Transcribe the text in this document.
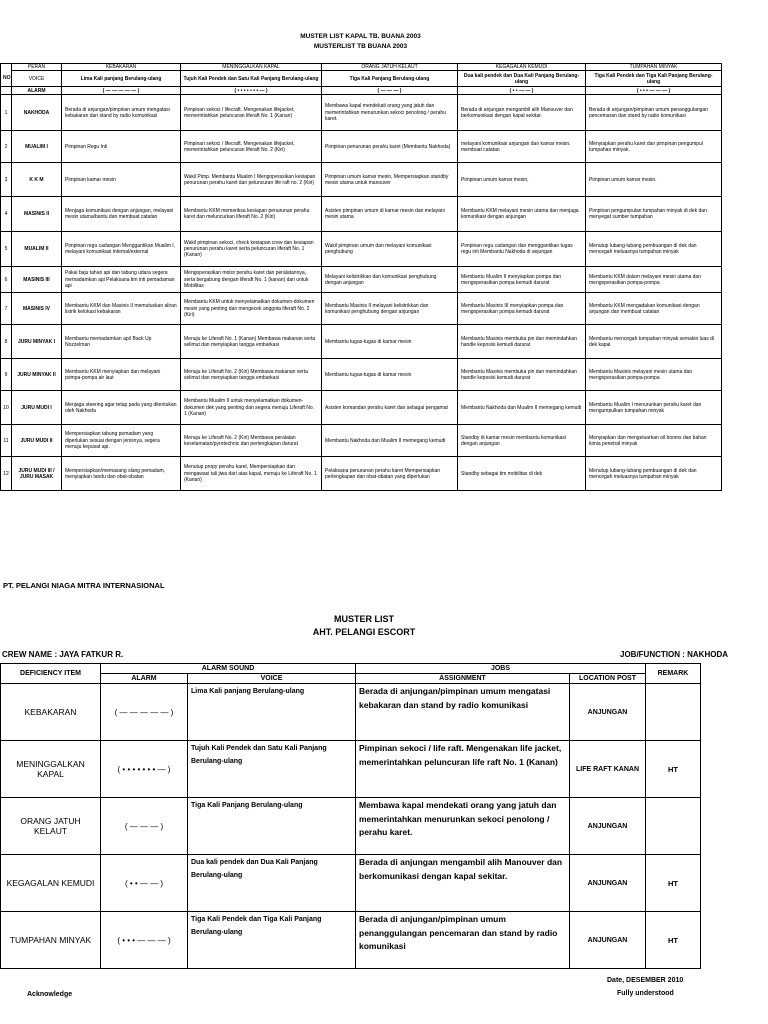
MUSTER LIST KAPAL TB. BUANA 2003
MUSTERLIST TB BUANA 2003
	PERAN	KEBAKARAN	MENINGGALKAN KAPAL	ORANG JATUH KELAUT	KEGAGALAN KEMUDI	TUMPAHAN MINYAK
NO	VOICE	Lima Kali panjang Berulang-ulang	Tujuh Kali Pendek dan Satu Kali Panjang Berulang-ulang	Tiga Kali Panjang Berulang-ulang	Dua kali pendek dan Dua Kali Panjang Berulang-ulang	Tiga Kali Pendek dan Tiga Kali Panjang Berulang-ulang
	ALARM	( — — — — — )	( • • • • • • • — )	( — — — )	( • • — — )	( • • • — — — )
1	NAKHODA	Berada di anjungan/pimpinan umum mengatasi kebakaran dan stand by radio komunikasi	Pimpinan sekoci / lifecraft. Mengenakan lifejacket, memerintahkan peluncuran liferaft No. 1 (Kanan)	Membawa kapal mendekati orang yang jatuh dan memerintahkan menurunkan sekoci penolong / perahu karet.	Berada di anjungan mengambil alih Manouver dan berkomunikasi dengan kapal sekitar.	Berada di anjungan/pimpinan umum penanggulangan pencemaran dan stand by radio komunikasi
2	MUALIM I	Pimpinan Regu Inti	Pimpinan sekoci / lifecraft. Mengenakan lifejacket, memerintahkan peluncuran liferaft No. 2 (Kiri)	Pimpinan penurunan perahu karet (Membantu Nakhoda)	melayani komunikasi anjungan dan kamar mesin. membuat catatan	Menyiapkan perahu karet dan pimpinan pengumpul tumpahan minyak.
3	K K M	Pimpinan kamar mesin	Wakil Pimp. Membantu Mualim I Mengoperasikan kesiapan penurunan perahu karet dan peluncuran life raft no. 2 (Kiri)	Pimpinan umum kamar mesin, Mempersiapkan standby mesin utama untuk manouver	Pimpinan umum kamar mesin,	Pimpinan umum kamar mesin.
4	MASINIS II	Menjaga komunikasi dengan anjungan, melayani mesin utama/bantu dan membuat catatan	Membantu KKM memeriksa kesiapan penurunan perahu karet dan meluncurkan liferaft No. 2 (Kiri)	Asisten pimpinan umum di kamar mesin dan melayani mesin utama	Membantu KKM melayani mesin utama dan menjaga komunikasi dengan anjungan	Pimpinan pengumpulan tumpahan minyak di dek dan menyegat sumber tumpahan
5	MUALIM II	Pimpinan regu cadangan Menggantikan Mualim I, melayani komunikasi internal/external	Wakil pimpinan sekoci, check kesiapan crew dan kesiapan penurunan perahu karet serta peluncuran liferaft No. 1 (Kanan)	Wakil pimpinan umum dan melayani komunikasi penghubung	Pimpinan regu cadangan dan menggantikan tugas regu inti Membantu Nakhoda di anjungan	Menutup lubang-lubang pembuangan di dek dan mencegah meluasnya tumpahan minyak
6	MASINIS III	Pakai baju tahan api dan tabung udara segera memadamkan api Pelaksana tim inti pemadaman api	Mengoperasikan motor perahu karet dan peralatannya, serta bergabung dengan liferaft No. 1 (kanan) dan untuk Mobilitas	Melayani kelistrikkan dan komunikasi penghubung dengan anjungan	Membantu Mualim II menyiapkan pompa dan mengoperasikan pompa kemudi darurat	Membantu KKM dalam melayani mesin utama dan mengoperasikan pompa-pompa
7	MASINIS IV	Membantu KKM dan Masinis II memutuskan aliran listrik kelokasi kebakaran	Membantu KKM untuk menyelamatkan dokumen-dokumen mesin yang penting dan mengecek anggota liferaft No. 2 (Kiri)	Membantu Masinis II melayani kelistrikkan dan komunikasi penghubung dengan anjungan	Membantu Masinis III menyiapkan pompa dan mengoperasikan pompa kemudi darurat	Membantu KKM mengadakan komunikasi dengan anjungan dan membuat catatan
8	JURU MINYAK I	Membantu memadamkan api/ Back Up Nozzelman	Menuju ke Liferaft No. 1 (Kanan) Membawa makanan serta selimut dan menyiapkan tangga embarkasi	Membantu tugas-tugas di kamar mesin	Membantu Masinis membuka pin dan memindahkan handle keposisi kemudi darurat	Membantu mencegah tumpahan minyak semakin luas di dek kapal
9	JURU MINYAK II	Membantu KKM menyiapkan dan melayani pompa-pompa air laut	Menuju ke Liferaft No. 2 (Kiri) Membawa makanan serta selimut dan menyiapkan tangga embarkasi	Membantu tugas-tugas di kamar mesin	Membantu Masinis membuka pin dan memindahkan handle keposisi kemudi darurat	Membantu Masinis melayani mesin utama dan mengoperasikan pompa-pompa
10	JURU MUDI I	Menjaga steering agar tetap pada yang ditentukan oleh Nakhoda	Membantu Mualim II untuk menyelamatkan dokumen-dokumen dek yang penting dan segera menuju Liferaft No. 1 (Kanan)	Asisten komandan perahu karet dan sebagai pengamat	Membantu Nakhoda dan Mualim II memegang kemudi	Membantu Mualim I menurunkan perahu karet dan mengumpulkan tumpahan minyak
11	JURU MUDI II	Mempersiapkan tabung pemadam yang diperlukan sesuai dengan jenisnya, segera menuju kepusat api.	Menuju ke Liferaft No. 2 (Kiri) Membawa peralatan keselamatan/pyrotechnic dan perlengkapan darurat	Membantu Nakhoda dan Mualim II memegang kemudi	Standby di kamar mesin membantu komunikasi dengan anjungan	Menyiapkan dan mengeluarkan oil booms dan bahan kimia penetral minyak
12	JURU MUDI III / JURU MASAK	Mempersiapkan/memasang slang pemadam, menyiapkan tandu dan obat-obatan	Menutup propy perahu karet, Mempersiapkan dan mengawasi tali jiwa dari atas kapal, menuju ke Liferaft No. 1 (Kanan)	Pelaksana penurunan perahu karet Mempersiapkan perlengkapan dan obat-obatan yang diperlukan	Standby sebagai tim mobilitas di dek	Menutup lubang-lubang pembuangan di dek dan mencegah meluasnya tumpahan minyak
PT. PELANGI NIAGA MITRA INTERNASIONAL
MUSTER LIST
AHT. PELANGI ESCORT
CREW NAME : JAYA FATKUR R.	JOB/FUNCTION : NAKHODA
DEFICIENCY ITEM	ALARM SOUND		JOBS		REMARK
	ALARM	VOICE	ASSIGNMENT	LOCATION POST	
KEBAKARAN	( — — — — — )	Lima Kali panjang Berulang-ulang	Berada di anjungan/pimpinan umum mengatasi kebakaran dan stand by radio komunikasi	ANJUNGAN	
MENINGGALKAN KAPAL	( • • • • • • • — )	Tujuh Kali Pendek dan Satu Kali Panjang Berulang-ulang	Pimpinan sekoci / life raft. Mengenakan life jacket, memerintahkan peluncuran life raft No. 1 (Kanan)	LIFE RAFT KANAN	HT
ORANG JATUH KELAUT	( — — — )	Tiga Kali Panjang Berulang-ulang	Membawa kapal mendekati orang yang jatuh dan memerintahkan menurunkan sekoci penolong / perahu karet.	ANJUNGAN	
KEGAGALAN KEMUDI	( • • — — )	Dua kali pendek dan Dua Kali Panjang Berulang-ulang	Berada di anjungan mengambil alih Manouver dan berkomunikasi dengan kapal sekitar.	ANJUNGAN	HT
TUMPAHAN MINYAK	( • • • — — — )	Tiga Kali Pendek dan Tiga Kali Panjang Berulang-ulang	Berada di anjungan/pimpinan umum penanggulangan pencemaran dan stand by radio komunikasi	ANJUNGAN	HT
Date, DESEMBER 2010
Fully understood
Acknowledge
